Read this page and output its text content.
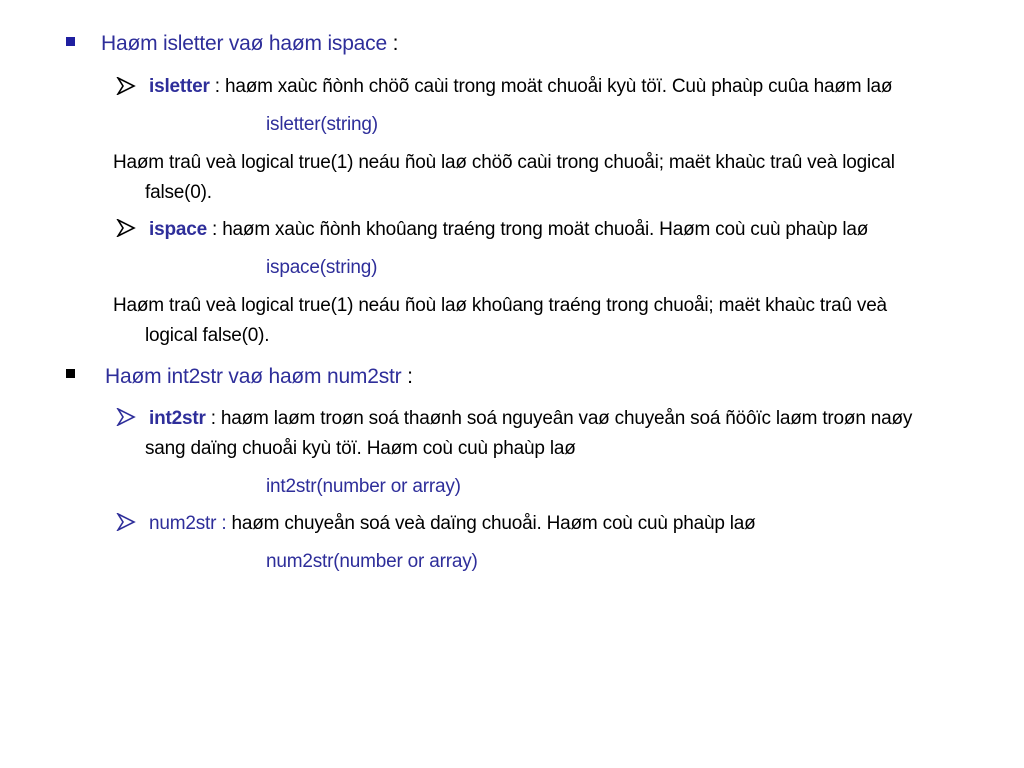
Haøm isletter vaø haøm ispace :
isletter : haøm xaùc ñònh chöõ caùi trong moät chuoåi kyù töï. Cuù phaùp cuûa haøm laø
isletter(string)
Haøm traû veà logical true(1) neáu ñoù laø chöõ caùi trong chuoåi; maët khaùc traû veà logical
false(0).
ispace : haøm xaùc ñònh khoûang traéng trong moät chuoåi. Haøm coù cuù phaùp laø
ispace(string)
Haøm traû veà logical true(1) neáu ñoù laø khoûang traéng trong chuoåi; maët khaùc traû veà
logical false(0).
Haøm int2str vaø haøm num2str :
int2str : haøm laøm troøn soá thaønh soá nguyeân vaø chuyeån soá ñöôïc laøm troøn naøy
sang daïng chuoåi kyù töï. Haøm coù cuù phaùp laø
int2str(number or array)
num2str : haøm chuyeån soá veà daïng chuoåi. Haøm coù cuù phaùp laø
num2str(number or array)
